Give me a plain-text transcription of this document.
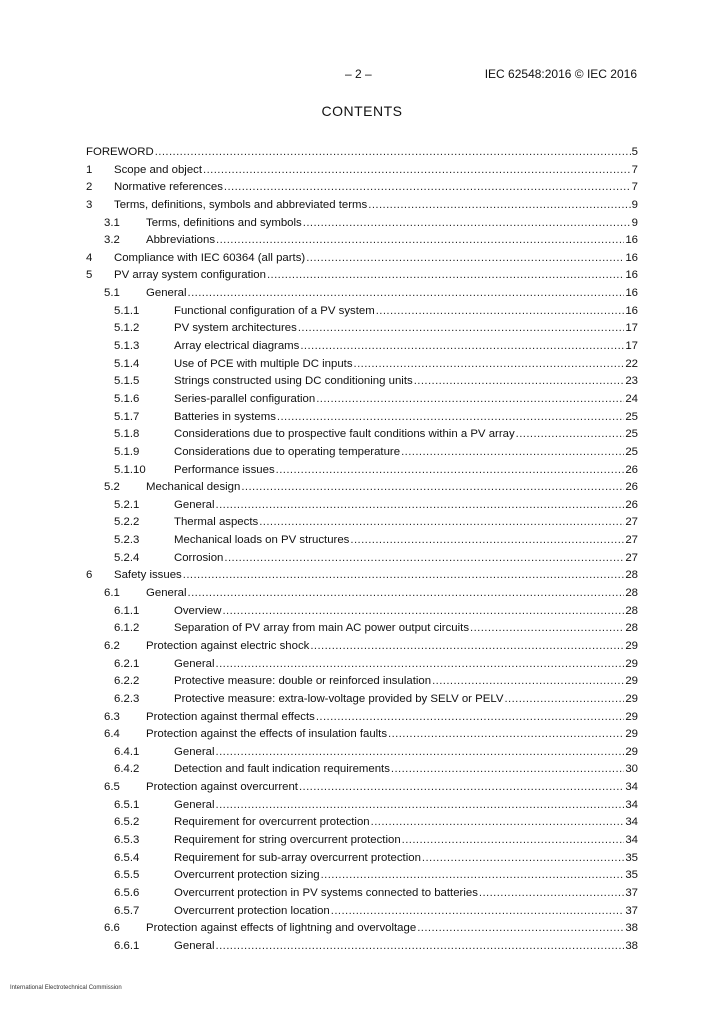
– 2 –	IEC 62548:2016 © IEC 2016
CONTENTS
FOREWORD .....	5
1	Scope and object .....	7
2	Normative references .....	7
3	Terms, definitions, symbols and abbreviated terms .....	9
3.1	Terms, definitions and symbols .....	9
3.2	Abbreviations .....	16
4	Compliance with IEC 60364 (all parts) .....	16
5	PV array system configuration .....	16
5.1	General .....	16
5.1.1	Functional configuration of a PV system .....	16
5.1.2	PV system architectures .....	17
5.1.3	Array electrical diagrams .....	17
5.1.4	Use of PCE with multiple DC inputs .....	22
5.1.5	Strings constructed using DC conditioning units .....	23
5.1.6	Series-parallel configuration .....	24
5.1.7	Batteries in systems .....	25
5.1.8	Considerations due to prospective fault conditions within a PV array .....	25
5.1.9	Considerations due to operating temperature .....	25
5.1.10	Performance issues .....	26
5.2	Mechanical design .....	26
5.2.1	General .....	26
5.2.2	Thermal aspects .....	27
5.2.3	Mechanical loads on PV structures .....	27
5.2.4	Corrosion .....	27
6	Safety issues .....	28
6.1	General .....	28
6.1.1	Overview .....	28
6.1.2	Separation of PV array from main AC power output circuits .....	28
6.2	Protection against electric shock .....	29
6.2.1	General .....	29
6.2.2	Protective measure: double or reinforced insulation .....	29
6.2.3	Protective measure: extra-low-voltage provided by SELV or PELV .....	29
6.3	Protection against thermal effects .....	29
6.4	Protection against the effects of insulation faults .....	29
6.4.1	General .....	29
6.4.2	Detection and fault indication requirements .....	30
6.5	Protection against overcurrent .....	34
6.5.1	General .....	34
6.5.2	Requirement for overcurrent protection .....	34
6.5.3	Requirement for string overcurrent protection .....	34
6.5.4	Requirement for sub-array overcurrent protection .....	35
6.5.5	Overcurrent protection sizing .....	35
6.5.6	Overcurrent protection in PV systems connected to batteries .....	37
6.5.7	Overcurrent protection location .....	37
6.6	Protection against effects of lightning and overvoltage .....	38
6.6.1	General .....	38
International Electrotechnical Commission
